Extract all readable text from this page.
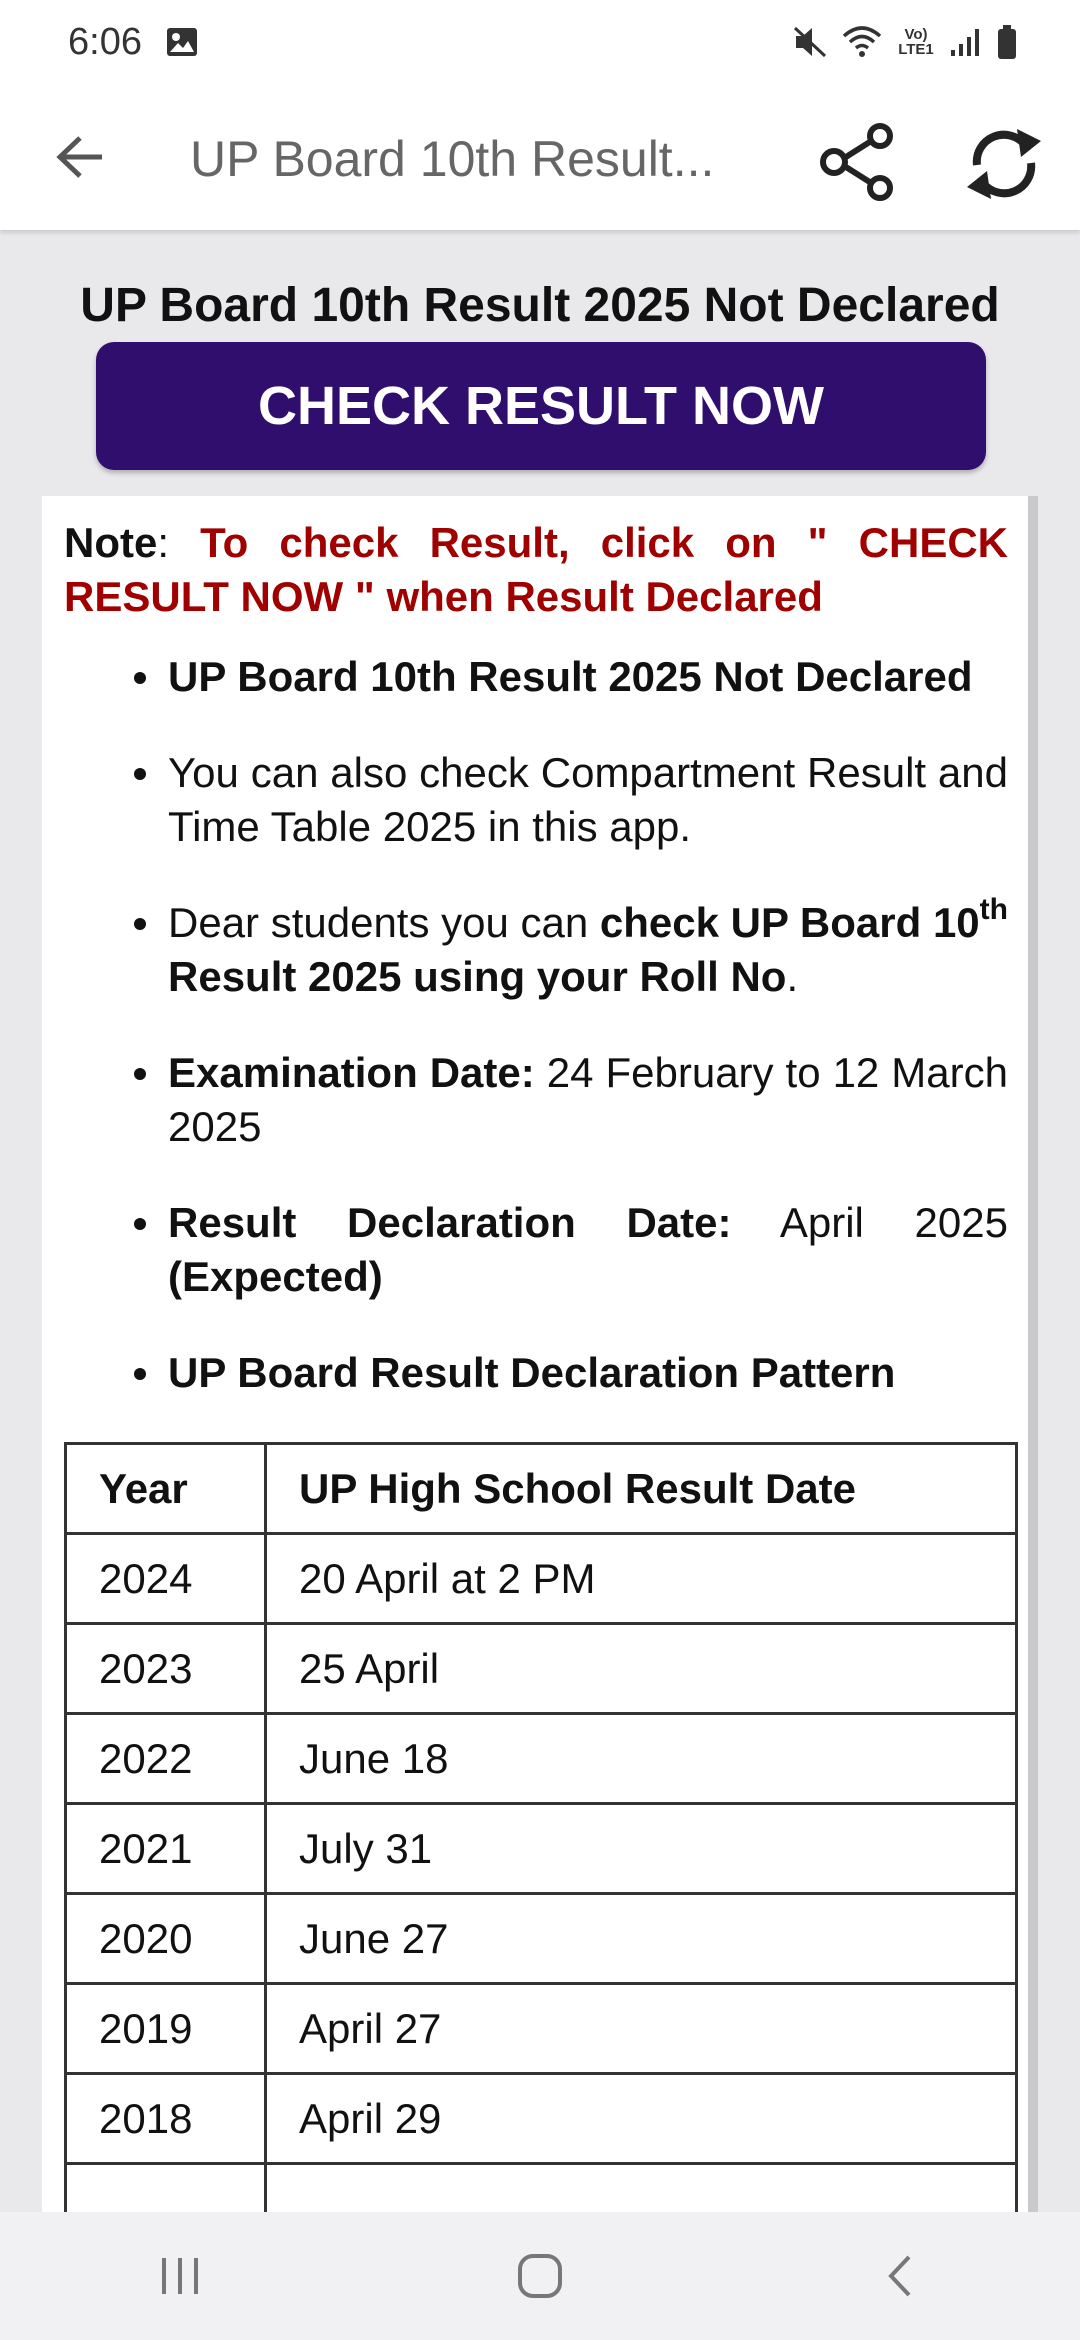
6:06	Vo) LTE1
UP Board 10th Result...
UP Board 10th Result 2025 Not Declared
CHECK RESULT NOW
Note: To check Result, click on " CHECK RESULT NOW " when Result Declared
UP Board 10th Result 2025 Not Declared
You can also check Compartment Result and Time Table 2025 in this app.
Dear students you can check UP Board 10th Result 2025 using your Roll No.
Examination Date: 24 February to 12 March 2025
Result Declaration Date: April 2025 (Expected)
UP Board Result Declaration Pattern
Year	UP High School Result Date
2024	20 April at 2 PM
2023	25 April
2022	June 18
2021	July 31
2020	June 27
2019	April 27
2018	April 29
